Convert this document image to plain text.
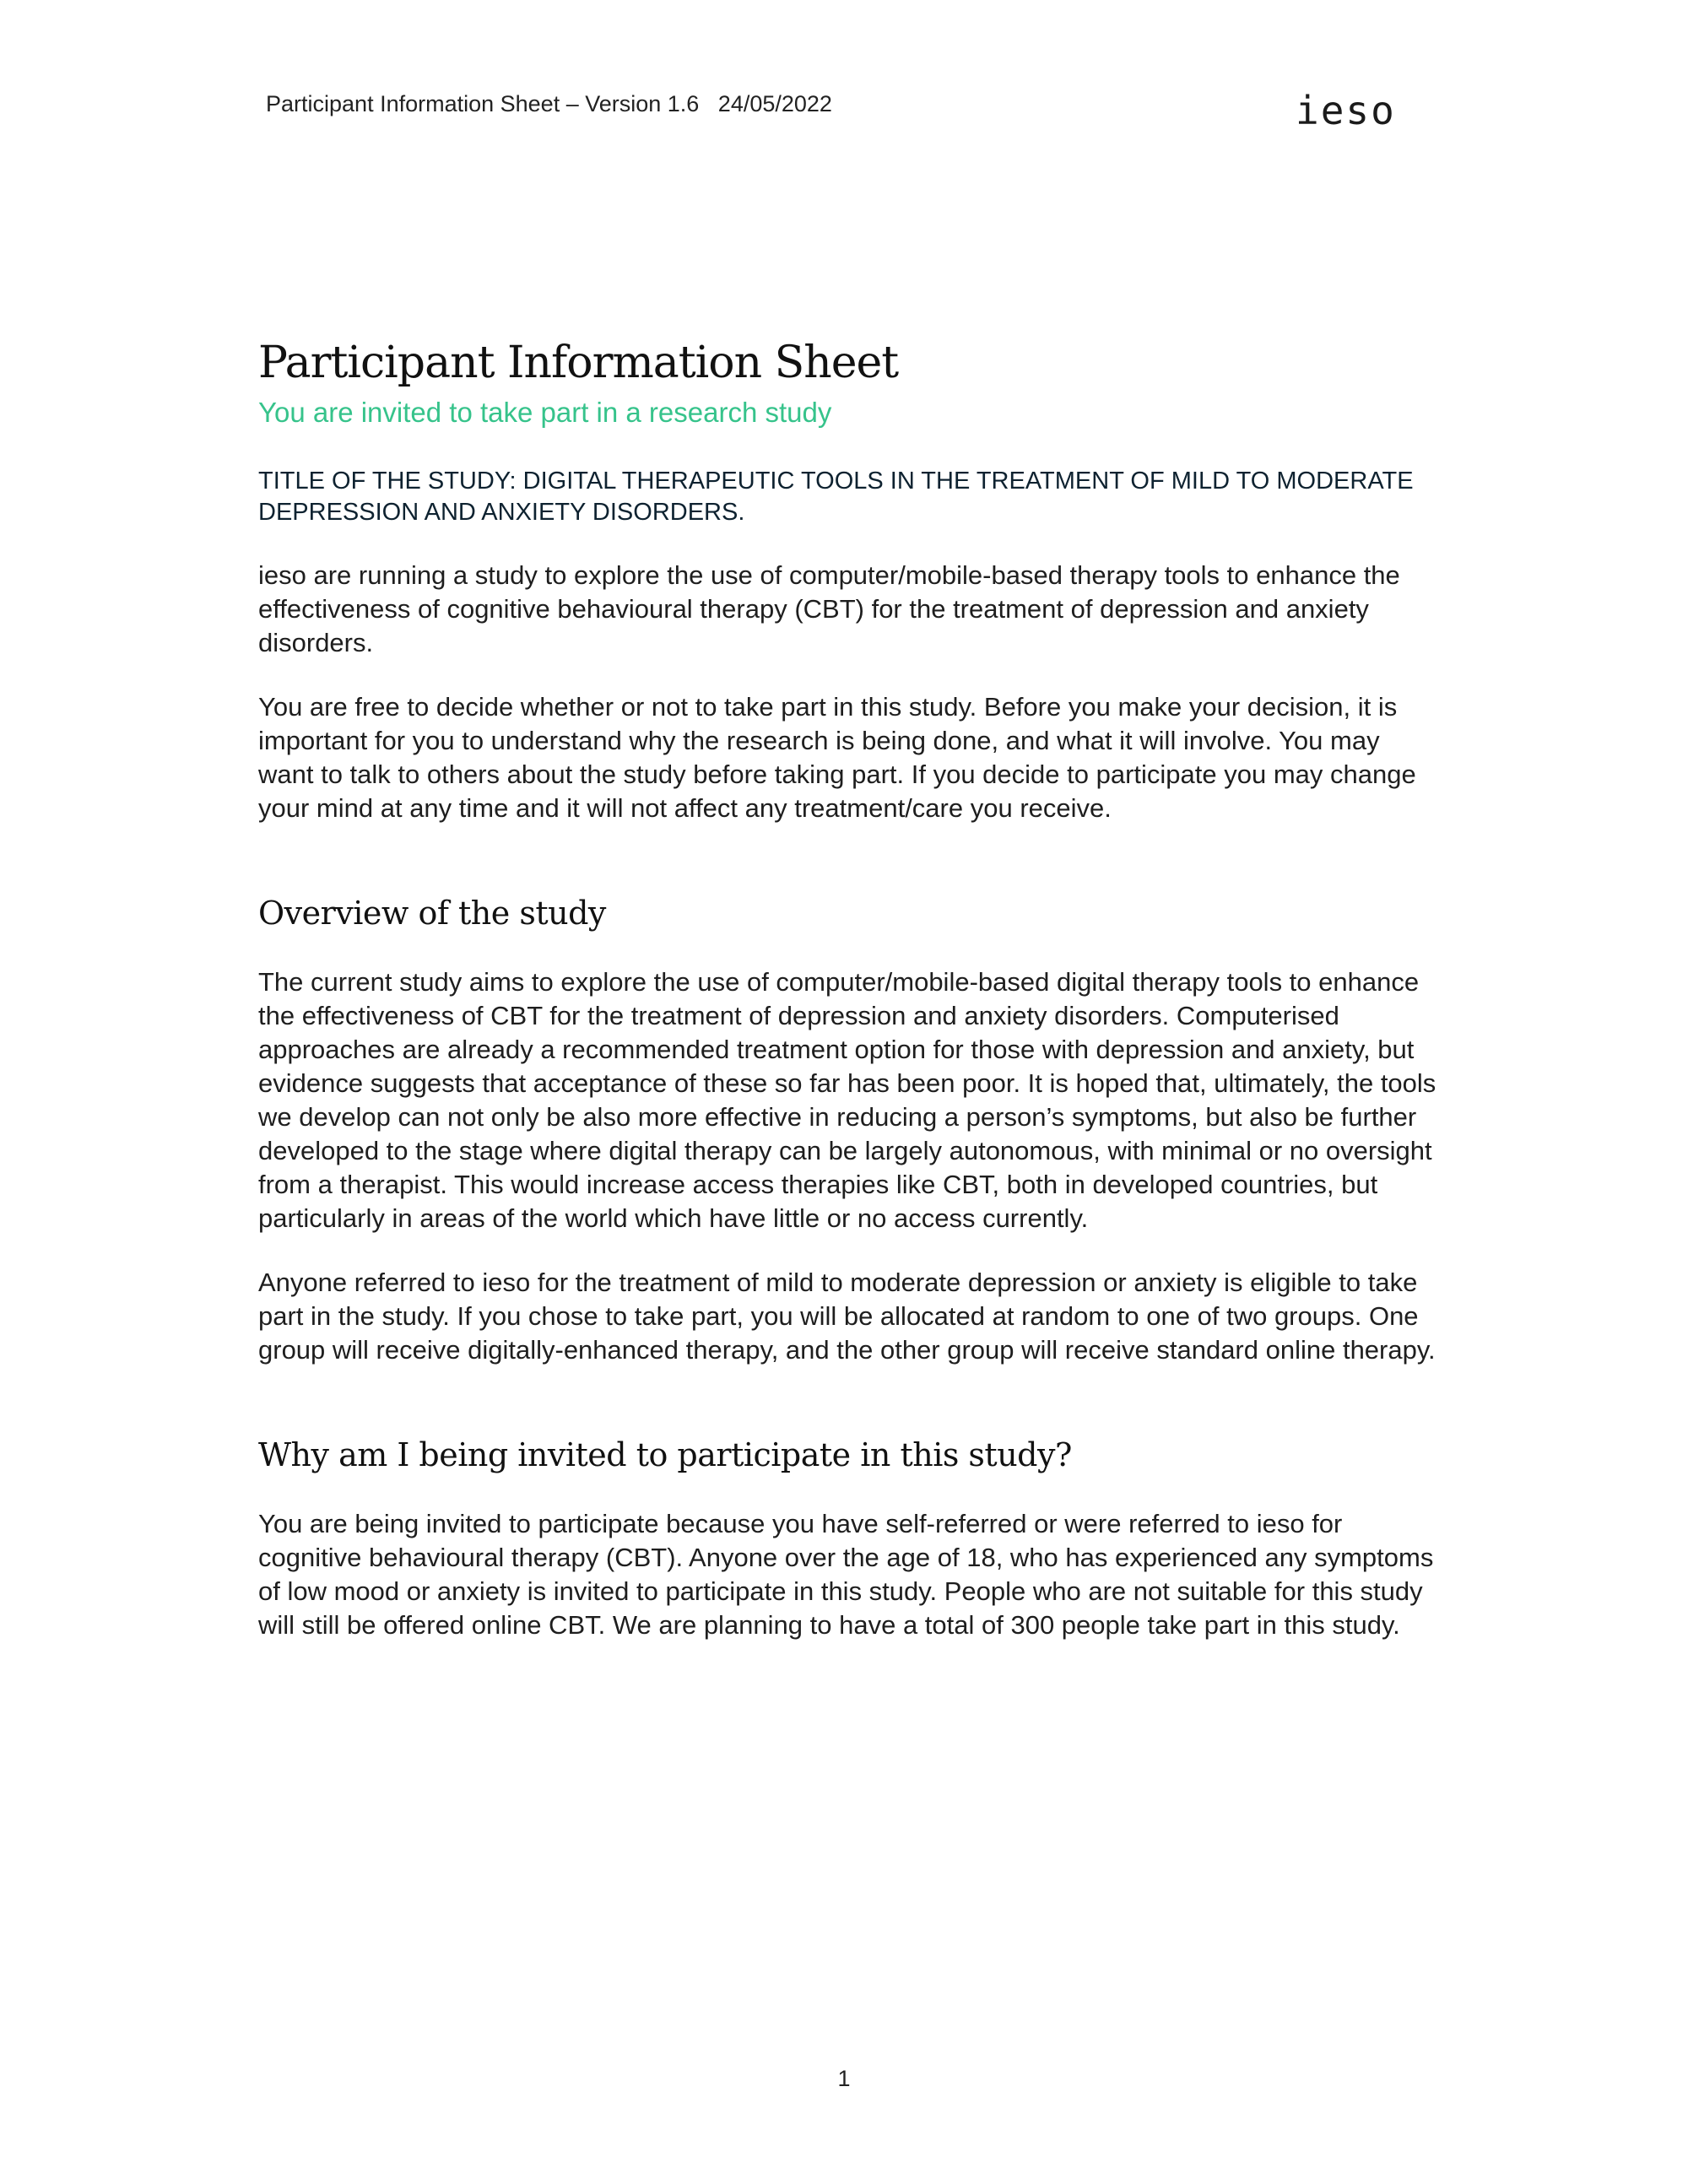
Participant Information Sheet – Version 1.6   24/05/2022	ieso
Participant Information Sheet
You are invited to take part in a research study
TITLE OF THE STUDY: DIGITAL THERAPEUTIC TOOLS IN THE TREATMENT OF MILD TO MODERATE DEPRESSION AND ANXIETY DISORDERS.

ieso are running a study to explore the use of computer/mobile-based therapy tools to enhance the effectiveness of cognitive behavioural therapy (CBT) for the treatment of depression and anxiety disorders.

You are free to decide whether or not to take part in this study. Before you make your decision, it is important for you to understand why the research is being done, and what it will involve. You may want to talk to others about the study before taking part. If you decide to participate you may change your mind at any time and it will not affect any treatment/care you receive.

Overview of the study

The current study aims to explore the use of computer/mobile-based digital therapy tools to enhance the effectiveness of CBT for the treatment of depression and anxiety disorders. Computerised approaches are already a recommended treatment option for those with depression and anxiety, but evidence suggests that acceptance of these so far has been poor. It is hoped that, ultimately, the tools we develop can not only be also more effective in reducing a person’s symptoms, but also be further developed to the stage where digital therapy can be largely autonomous, with minimal or no oversight from a therapist. This would increase access therapies like CBT, both in developed countries, but particularly in areas of the world which have little or no access currently.

Anyone referred to ieso for the treatment of mild to moderate depression or anxiety is eligible to take part in the study. If you chose to take part, you will be allocated at random to one of two groups. One group will receive digitally-enhanced therapy, and the other group will receive standard online therapy.

Why am I being invited to participate in this study?

You are being invited to participate because you have self-referred or were referred to ieso for cognitive behavioural therapy (CBT). Anyone over the age of 18, who has experienced any symptoms of low mood or anxiety is invited to participate in this study. People who are not suitable for this study will still be offered online CBT. We are planning to have a total of 300 people take part in this study.

1
